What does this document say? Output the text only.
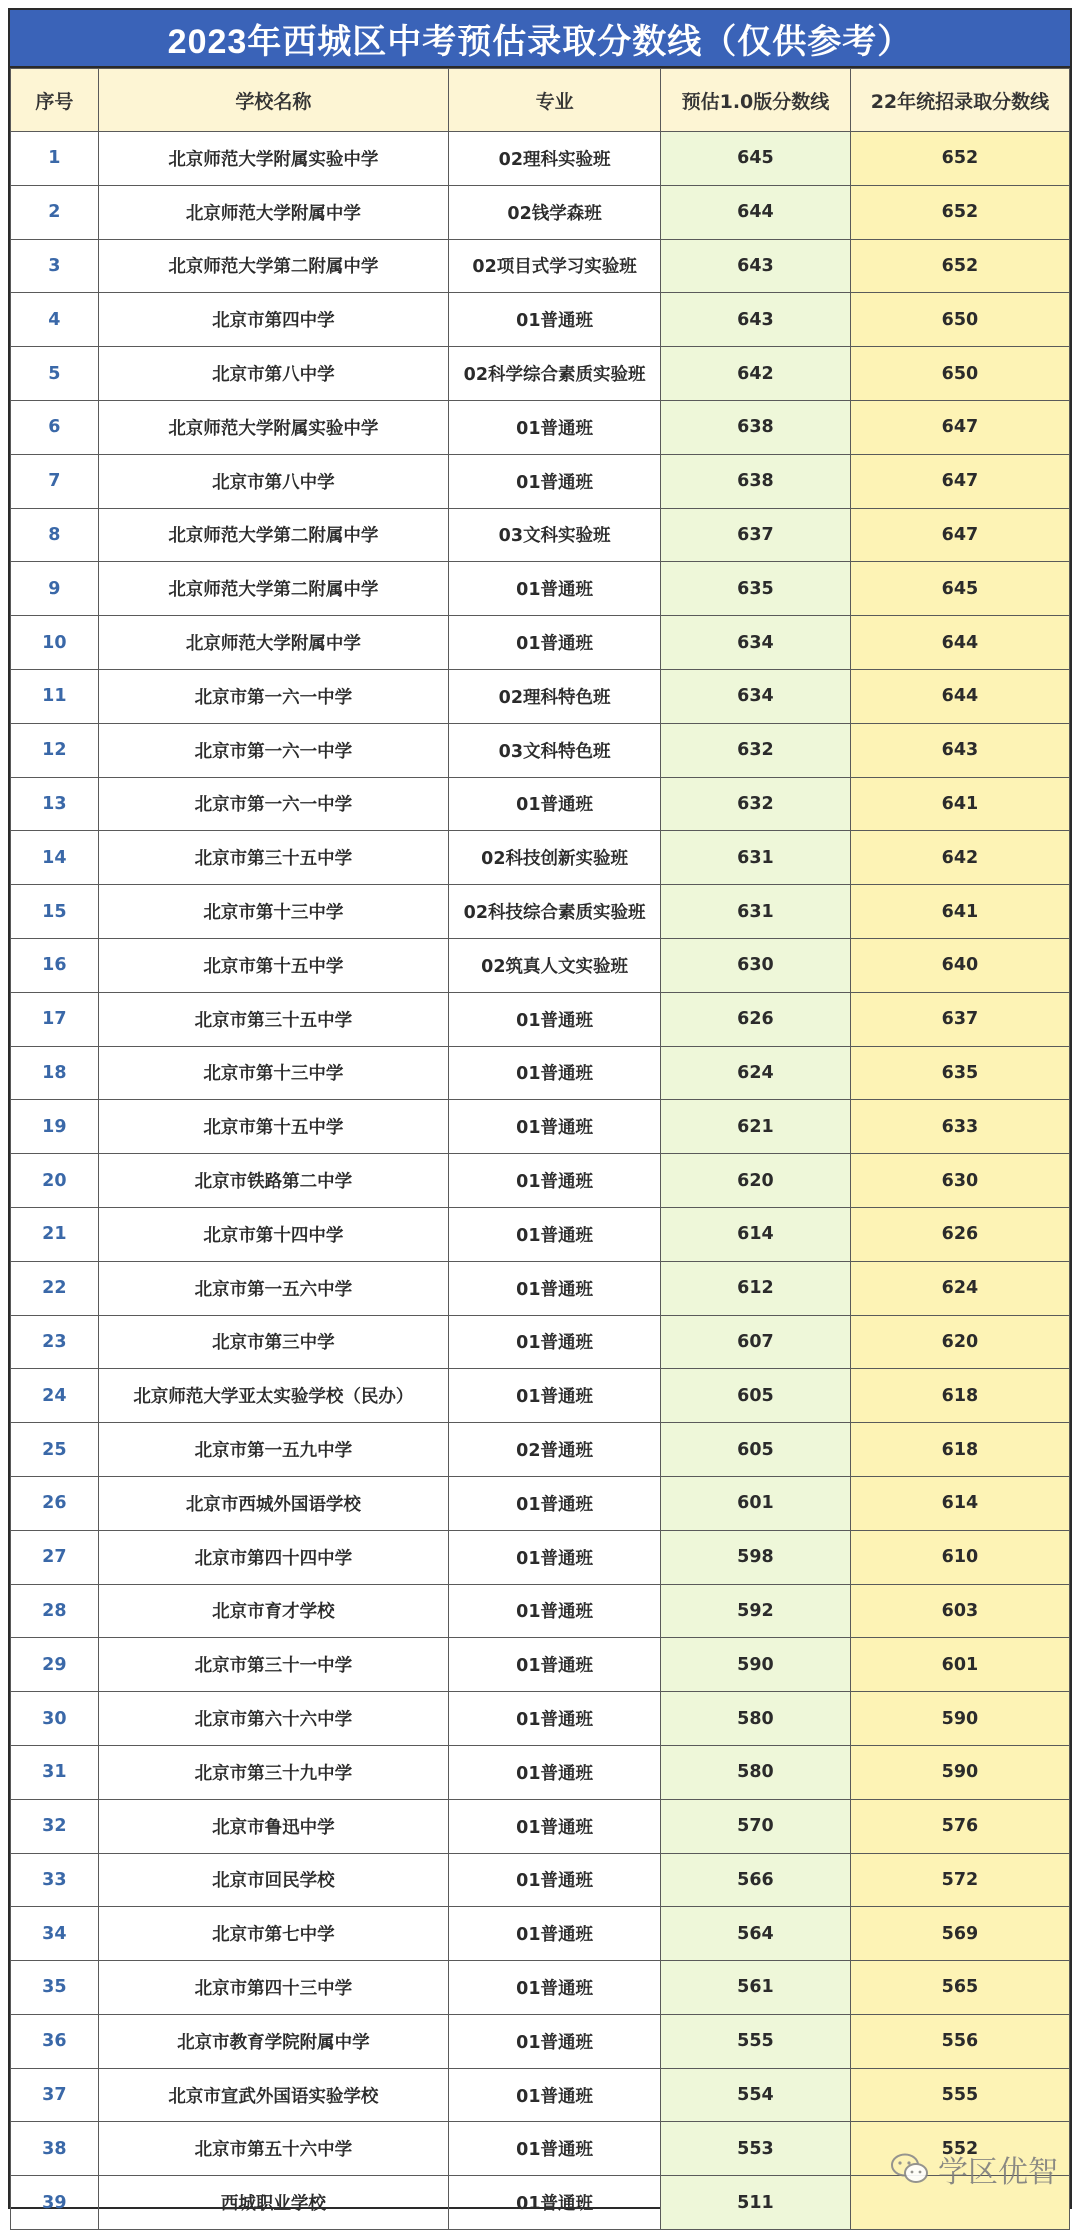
2023年西城区中考预估录取分数线（仅供参考）
序号	学校名称	专业	预估1.0版分数线	22年统招录取分数线
1	北京师范大学附属实验中学	02理科实验班	645	652
2	北京师范大学附属中学	02钱学森班	644	652
3	北京师范大学第二附属中学	02项目式学习实验班	643	652
4	北京市第四中学	01普通班	643	650
5	北京市第八中学	02科学综合素质实验班	642	650
6	北京师范大学附属实验中学	01普通班	638	647
7	北京市第八中学	01普通班	638	647
8	北京师范大学第二附属中学	03文科实验班	637	647
9	北京师范大学第二附属中学	01普通班	635	645
10	北京师范大学附属中学	01普通班	634	644
11	北京市第一六一中学	02理科特色班	634	644
12	北京市第一六一中学	03文科特色班	632	643
13	北京市第一六一中学	01普通班	632	641
14	北京市第三十五中学	02科技创新实验班	631	642
15	北京市第十三中学	02科技综合素质实验班	631	641
16	北京市第十五中学	02筑真人文实验班	630	640
17	北京市第三十五中学	01普通班	626	637
18	北京市第十三中学	01普通班	624	635
19	北京市第十五中学	01普通班	621	633
20	北京市铁路第二中学	01普通班	620	630
21	北京市第十四中学	01普通班	614	626
22	北京市第一五六中学	01普通班	612	624
23	北京市第三中学	01普通班	607	620
24	北京师范大学亚太实验学校（民办）	01普通班	605	618
25	北京市第一五九中学	02普通班	605	618
26	北京市西城外国语学校	01普通班	601	614
27	北京市第四十四中学	01普通班	598	610
28	北京市育才学校	01普通班	592	603
29	北京市第三十一中学	01普通班	590	601
30	北京市第六十六中学	01普通班	580	590
31	北京市第三十九中学	01普通班	580	590
32	北京市鲁迅中学	01普通班	570	576
33	北京市回民学校	01普通班	566	572
34	北京市第七中学	01普通班	564	569
35	北京市第四十三中学	01普通班	561	565
36	北京市教育学院附属中学	01普通班	555	556
37	北京市宣武外国语实验学校	01普通班	554	555
38	北京市第五十六中学	01普通班	553	552
39	西城职业学校	01普通班	511	
学区优智
